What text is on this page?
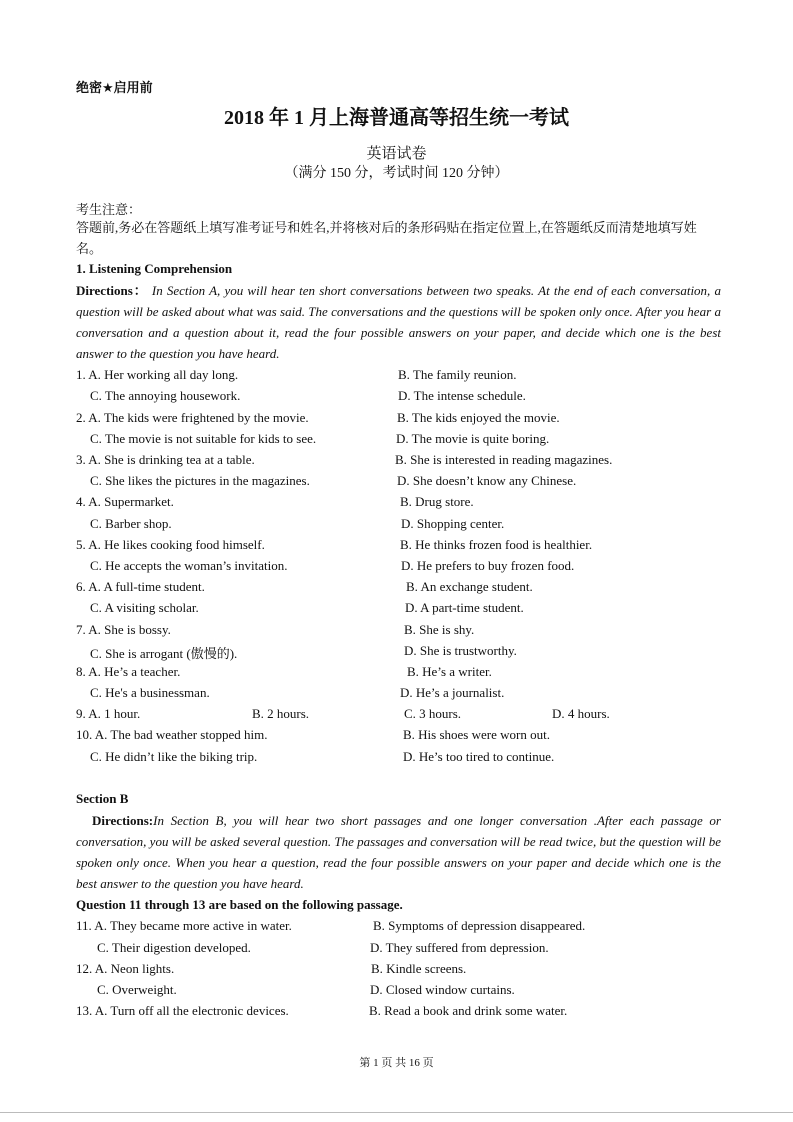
绝密★启用前
2018 年 1 月上海普通高等招生统一考试
英语试卷
（满分 150 分，考试时间 120 分钟）
考生注意：
答题前,务必在答题纸上填写准考证号和姓名,并将核对后的条形码贴在指定位置上,在答题纸反而清楚地填写姓名。
1. Listening Comprehension
Directions： In Section A, you will hear ten short conversations between two speaks. At the end of each conversation, a question will be asked about what was said. The conversations and the questions will be spoken only once. After you hear a conversation and a question about it, read the four possible answers on your paper, and decide which one is the best answer to the question you have heard.
1. A. Her working all day long.	B. The family reunion.
C. The annoying housework.	D. The intense schedule.
2. A. The kids were frightened by the movie.	B. The kids enjoyed the movie.
C. The movie is not suitable for kids to see.	D. The movie is quite boring.
3. A. She is drinking tea at a table.	B. She is interested in reading magazines.
C. She likes the pictures in the magazines.	D. She doesn’t know any Chinese.
4. A. Supermarket.	B. Drug store.
C. Barber shop.	D. Shopping center.
5. A. He likes cooking food himself.	B. He thinks frozen food is healthier.
C. He accepts the woman’s invitation.	D. He prefers to buy frozen food.
6. A. A full-time student.	B. An exchange student.
C. A visiting scholar.	D. A part-time student.
7. A. She is bossy.	B. She is shy.
C. She is arrogant (傲慢的).	D. She is trustworthy.
8. A. He’s a teacher.	B. He’s a writer.
C. He's a businessman.	D. He’s a journalist.
9. A. 1 hour.	B. 2 hours.	C. 3 hours.	D. 4 hours.
10. A. The bad weather stopped him.	B. His shoes were worn out.
C. He didn’t like the biking trip.	D. He’s too tired to continue.
Section B
Directions:In Section B, you will hear two short passages and one longer conversation .After each passage or conversation, you will be asked several question. The passages and conversation will be read twice, but the question will be spoken only once. When you hear a question, read the four possible answers on your paper and decide which one is the best answer to the question you have heard.
Question 11 through 13 are based on the following passage.
11. A. They became more active in water.	B. Symptoms of depression disappeared.
C. Their digestion developed.	D. They suffered from depression.
12. A. Neon lights.	B. Kindle screens.
C. Overweight.	D. Closed window curtains.
13. A. Turn off all the electronic devices.	B. Read a book and drink some water.
第 1 页 共 16 页
